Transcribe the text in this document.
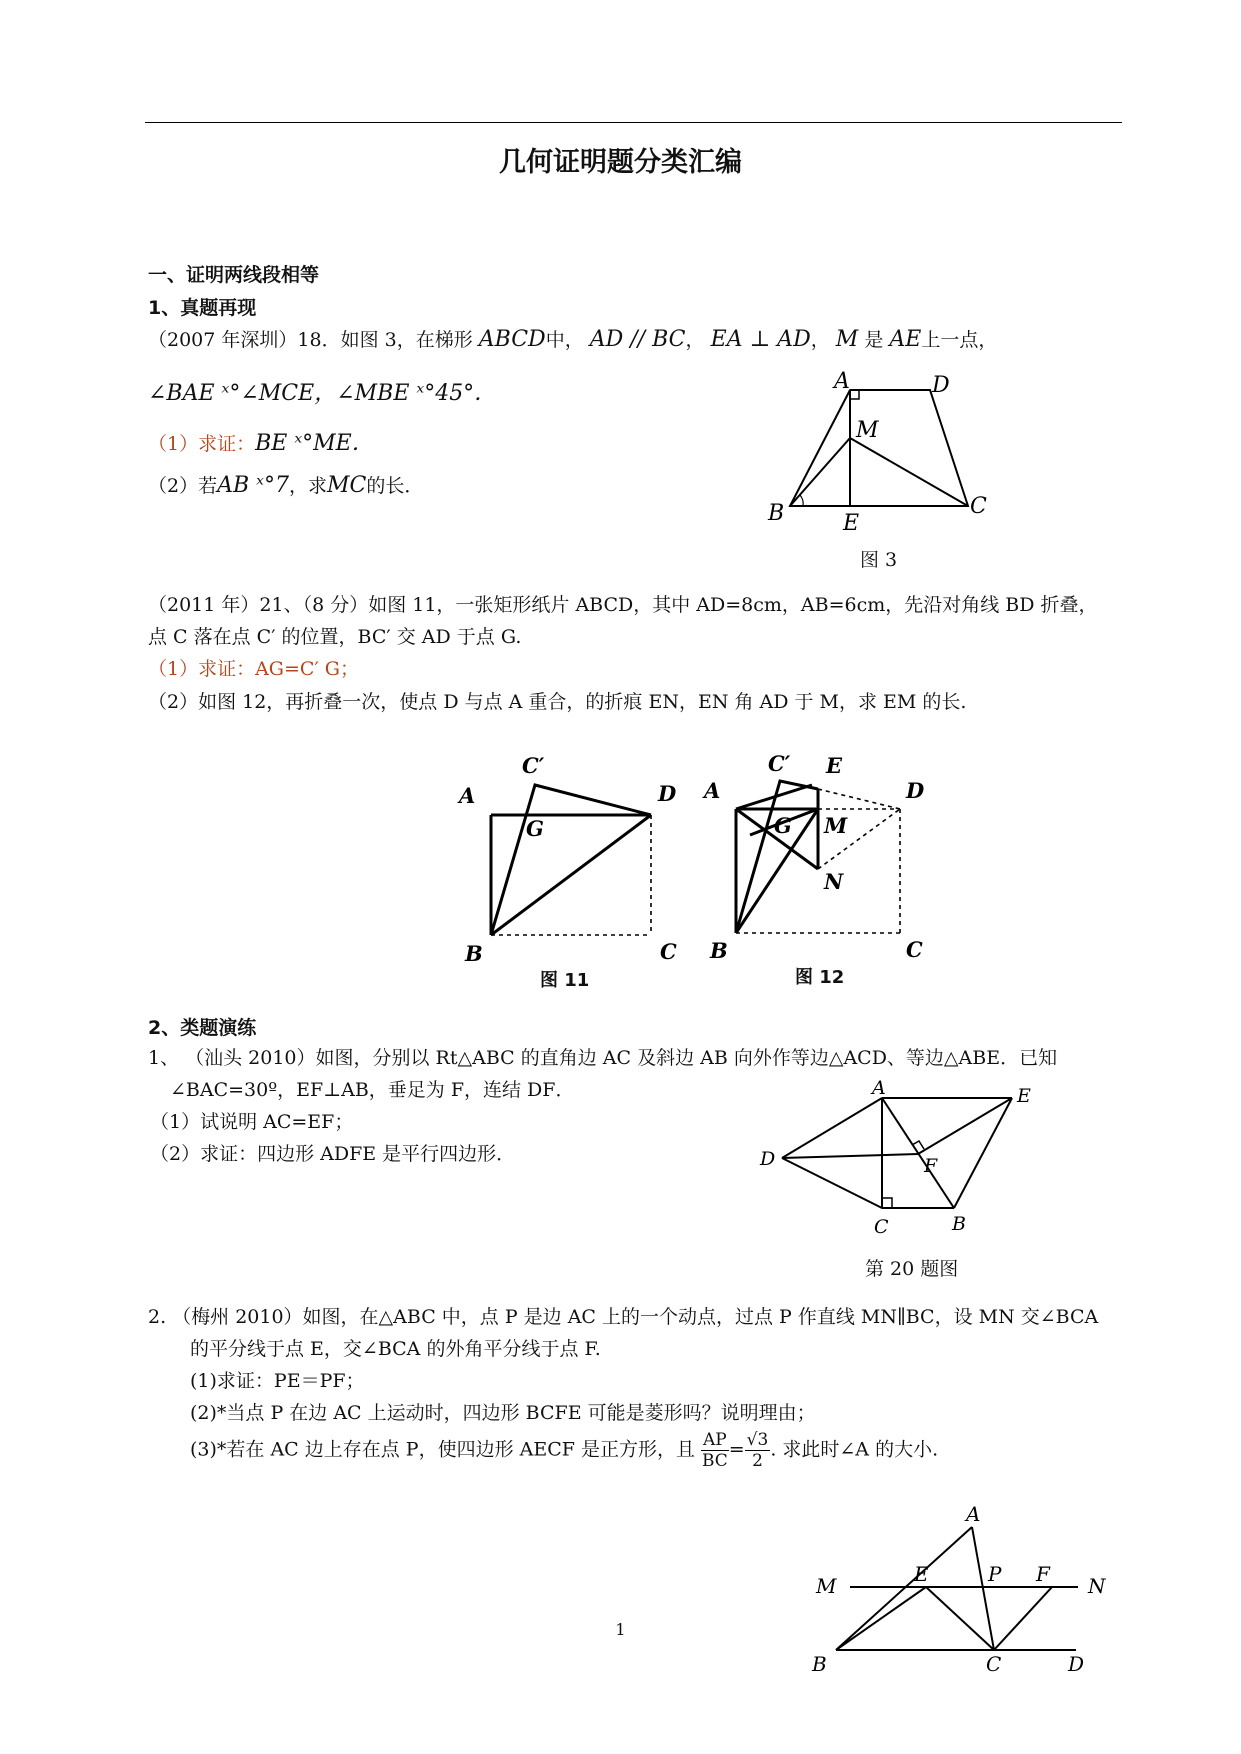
几何证明题分类汇编
一、证明两线段相等
1、真题再现
（2007 年深圳）18．如图 3，在梯形 ABCD中， AD // BC， EA ⊥ AD， M 是 AE上一点，
∠BAE ˣ°∠MCE，∠MBE ˣ°45°．
（1）求证：BE ˣ°ME．
（2）若AB ˣ°7，求MC的长．
A	D
M
B	E
C
图 3
（2011 年）21、（8 分）如图 11，一张矩形纸片 ABCD，其中 AD=8cm，AB=6cm，先沿对角线 BD 折叠，
点 C 落在点 C′ 的位置，BC′ 交 AD 于点 G.
（1）求证：AG=C′ G；
（2）如图 12，再折叠一次，使点 D 与点 A 重合，的折痕 EN，EN 角 AD 于 M，求 EM 的长.
A
C′
D
G
B	C
图 11
A
C′ E
D
G M
N
B	C
图 12
2、类题演练
1、 （汕头 2010）如图，分别以 Rt△ABC 的直角边 AC 及斜边 AB 向外作等边△ACD、等边△ABE．已知
∠BAC=30º，EF⊥AB，垂足为 F，连结 DF．
（1）试说明 AC=EF；
（2）求证：四边形 ADFE 是平行四边形．
A	E
D	F
C	B
第 20 题图
2. （梅州 2010）如图，在△ABC 中，点 P 是边 AC 上的一个动点，过点 P 作直线 MN∥BC，设 MN 交∠BCA
的平分线于点 E，交∠BCA 的外角平分线于点 F.
(1)求证：PE＝PF；
(2)*当点 P 在边 AC 上运动时，四边形 BCFE 可能是菱形吗？说明理由；
(3)*若在 AC 边上存在点 P，使四边形 AECF 是正方形，且 $\frac{AP}{BC} = \frac{√3}{2}$ . 求此时∠A 的大小.
A
M	E	P F N
B	C	D
1
